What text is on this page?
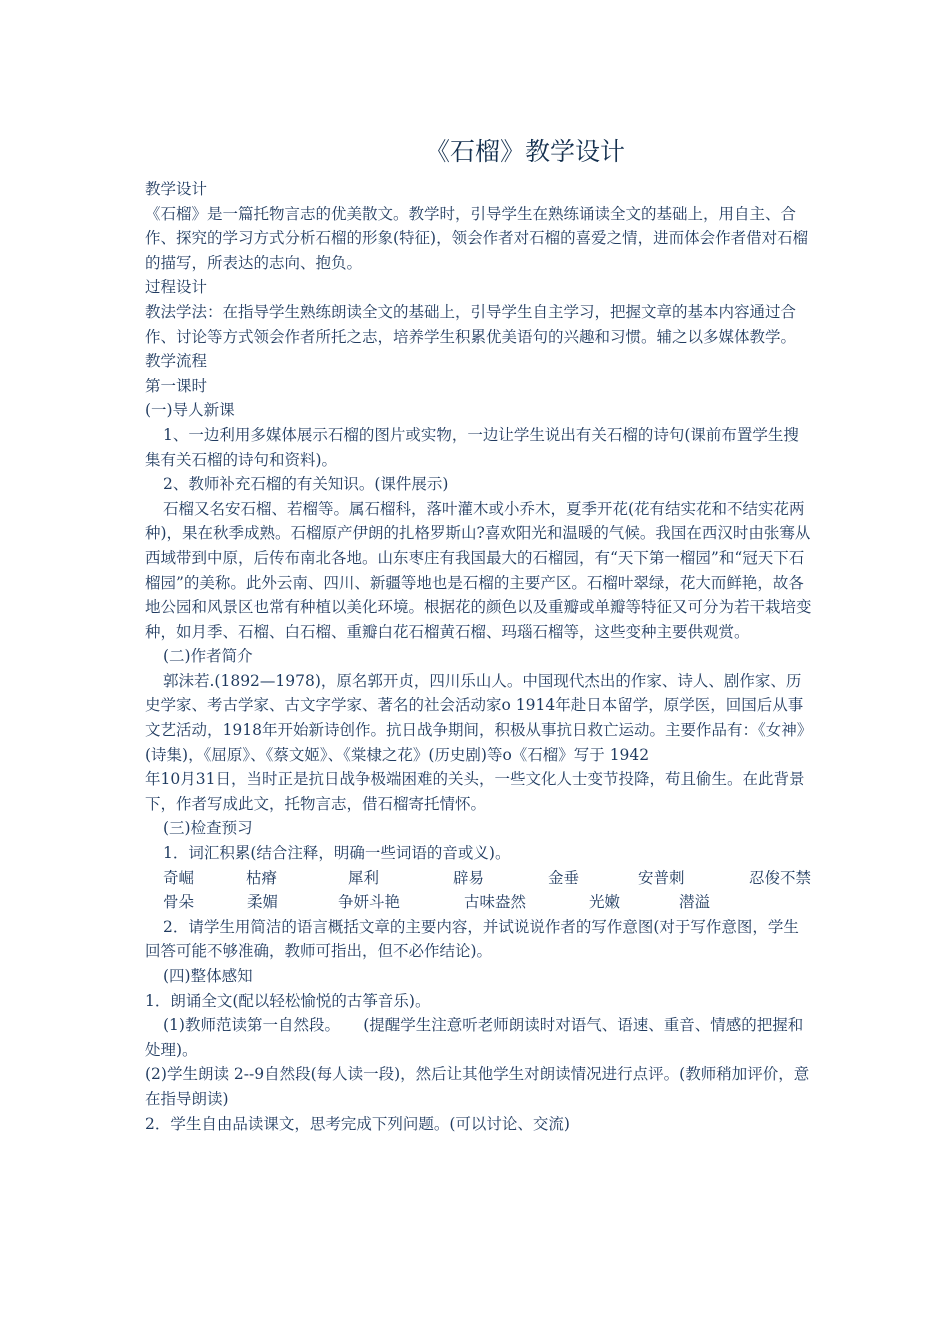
《石榴》教学设计

教学设计

《石榴》是一篇托物言志的优美散文。教学时，引导学生在熟练诵读全文的基础上，用自主、合作、探究的学习方式分析石榴的形象(特征)，领会作者对石榴的喜爱之情，进而体会作者借对石榴的描写，所表达的志向、抱负。

过程设计

教法学法：在指导学生熟练朗读全文的基础上，引导学生自主学习，把握文章的基本内容通过合作、讨论等方式领会作者所托之志，培养学生积累优美语句的兴趣和习惯。辅之以多媒体教学。

教学流程

第一课时

(一)导人新课

1、一边利用多媒体展示石榴的图片或实物，一边让学生说出有关石榴的诗句(课前布置学生搜集有关石榴的诗句和资料)。

2、教师补充石榴的有关知识。(课件展示)

石榴又名安石榴、若榴等。属石榴科，落叶灌木或小乔木，夏季开花(花有结实花和不结实花两种)，果在秋季成熟。石榴原产伊朗的扎格罗斯山?喜欢阳光和温暖的气候。我国在西汉时由张骞从西域带到中原，后传布南北各地。山东枣庄有我国最大的石榴园，有“天下第一榴园”和“冠天下石榴园”的美称。此外云南、四川、新疆等地也是石榴的主要产区。石榴叶翠绿，花大而鲜艳，故各地公园和风景区也常有种植以美化环境。根据花的颜色以及重瓣或单瓣等特征又可分为若干栽培变种，如月季、石榴、白石榴、重瓣白花石榴黄石榴、玛瑙石榴等，这些变种主要供观赏。

(二)作者简介

郭沫若.(1892—1978)，原名郭开贞，四川乐山人。中国现代杰出的作家、诗人、剧作家、历史学家、考古学家、古文字学家、著名的社会活动家o 1914年赴日本留学，原学医，回国后从事文艺活动，1918年开始新诗创作。抗日战争期间，积极从事抗日救亡运动。主要作品有：《女神》(诗集)，《屈原》、《蔡文姬》、《棠棣之花》(历史剧)等o《石榴》写于 1942

年10月31日，当时正是抗日战争极端困难的关头，一些文化人士变节投降，苟且偷生。在此背景下，作者写成此文，托物言志，借石榴寄托情怀。

(三)检查预习

1．词汇积累(结合注释，明确一些词语的音或义)。

奇崛	枯瘠	犀利	辟易	金垂	安普刺	忍俊不禁
骨朵	柔媚	争妍斗艳	古味盎然	光嫩	潜溢

2．请学生用简洁的语言概括文章的主要内容，并试说说作者的写作意图(对于写作意图，学生回答可能不够准确，教师可指出，但不必作结论)。

(四)整体感知

1．朗诵全文(配以轻松愉悦的古筝音乐)。

(1)教师范读第一自然段。　　(提醒学生注意听老师朗读时对语气、语速、重音、情感的把握和处理)。

(2)学生朗读 2--9自然段(每人读一段)，然后让其他学生对朗读情况进行点评。(教师稍加评价，意在指导朗读)

2．学生自由品读课文，思考完成下列问题。(可以讨论、交流)
